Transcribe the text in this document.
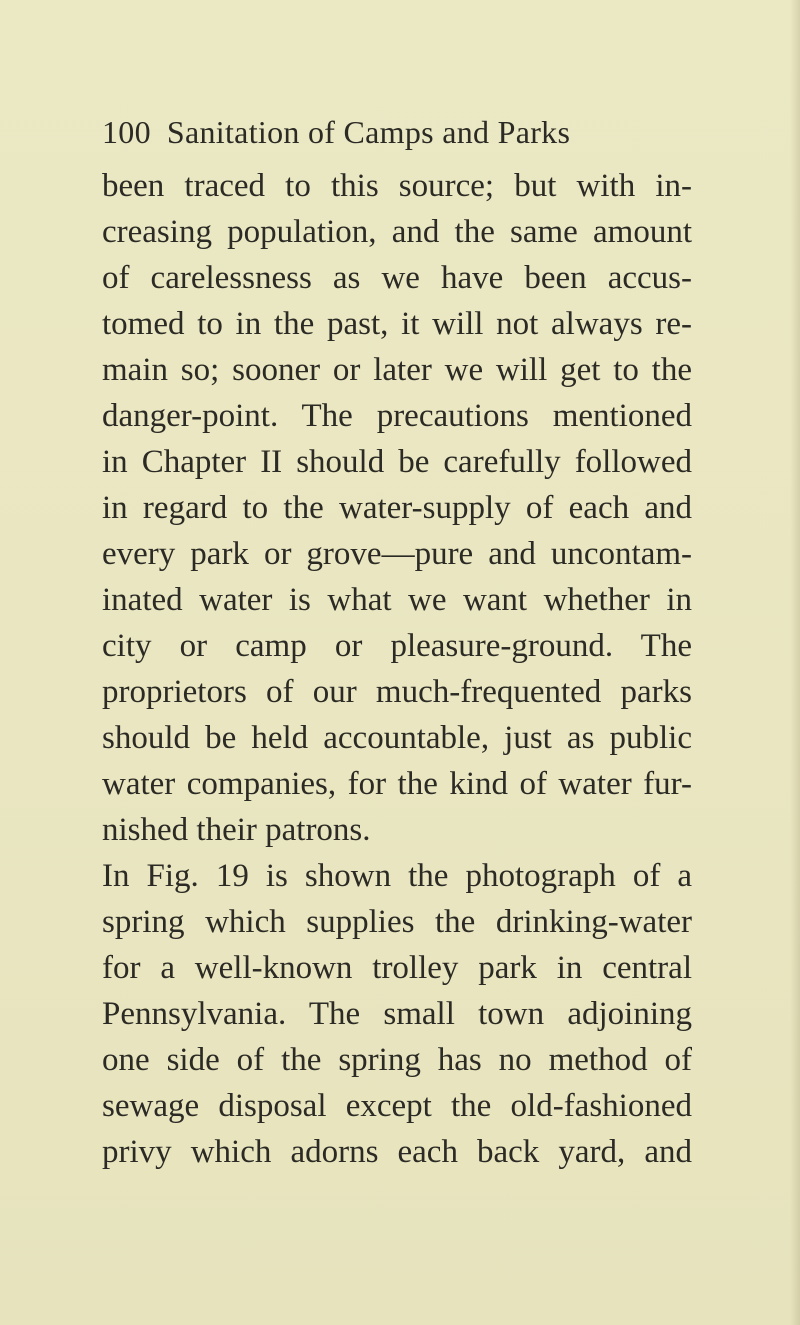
100 Sanitation of Camps and Parks
been traced to this source; but with in-
creasing population, and the same amount
of carelessness as we have been accus-
tomed to in the past, it will not always re-
main so; sooner or later we will get to the
danger-point. The precautions mentioned
in Chapter II should be carefully followed
in regard to the water-supply of each and
every park or grove—pure and uncontam-
inated water is what we want whether in
city or camp or pleasure-ground. The
proprietors of our much-frequented parks
should be held accountable, just as public
water companies, for the kind of water fur-
nished their patrons.
In Fig. 19 is shown the photograph of a
spring which supplies the drinking-water
for a well-known trolley park in central
Pennsylvania. The small town adjoining
one side of the spring has no method of
sewage disposal except the old-fashioned
privy which adorns each back yard, and
